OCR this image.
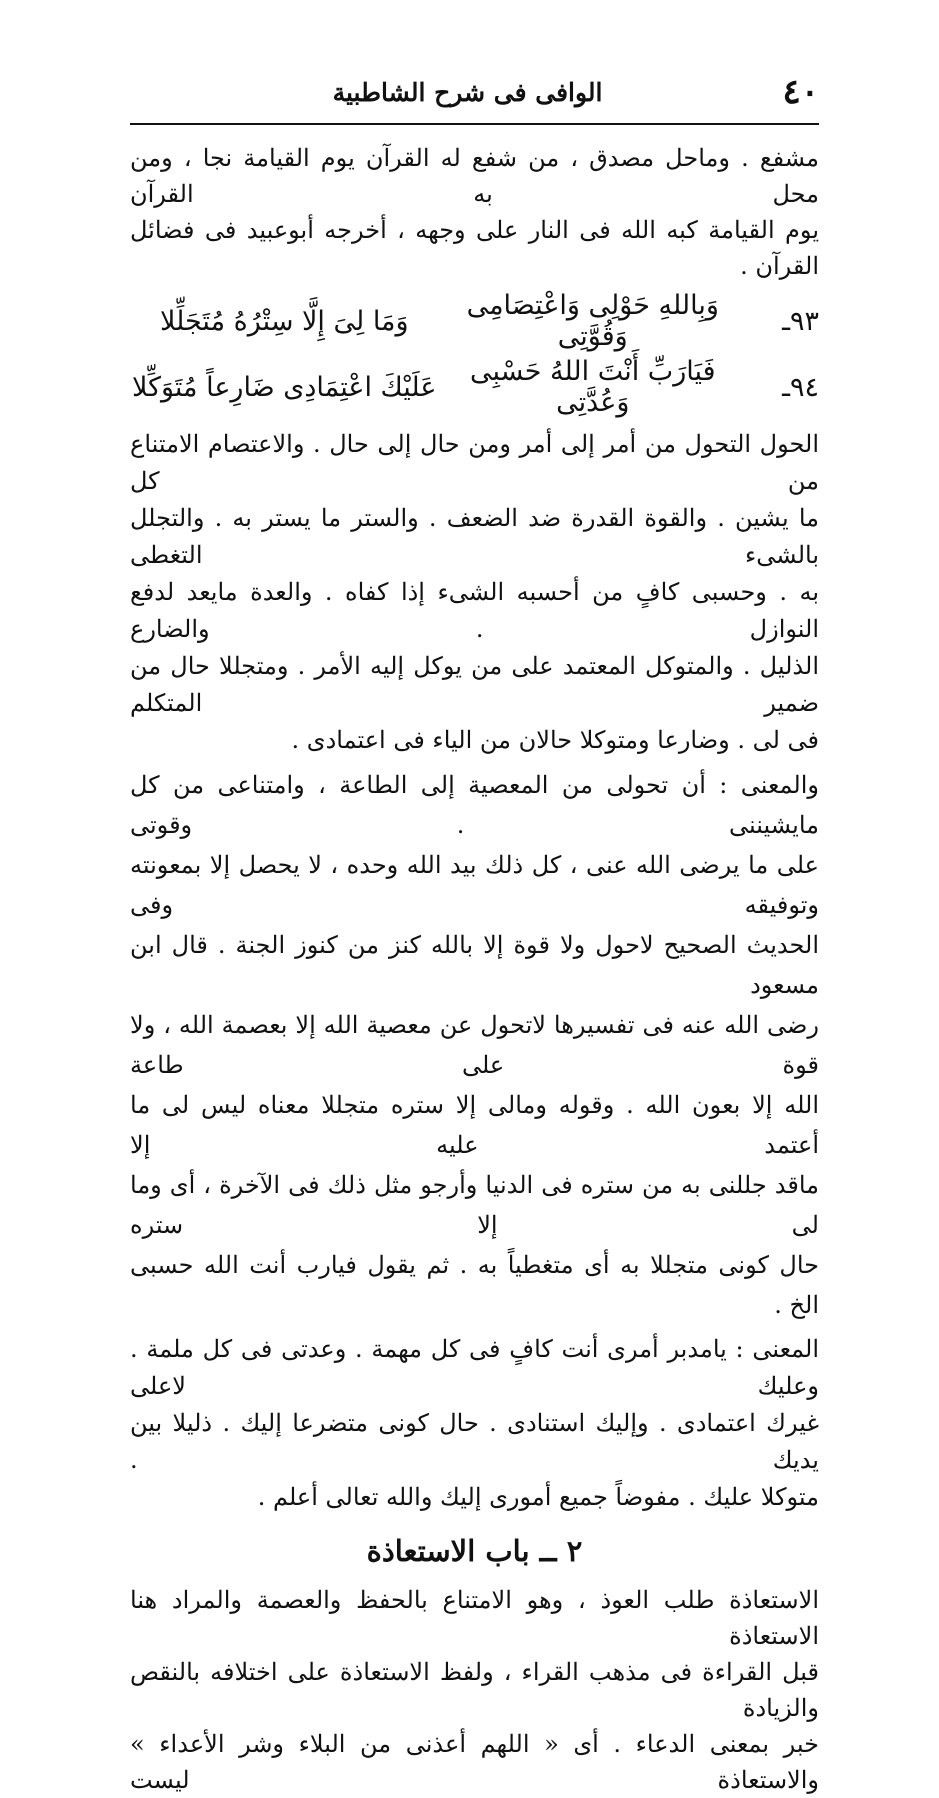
٤٠
الوافى فى شرح الشاطبية

مشفع . وماحل مصدق ، من شفع له القرآن يوم القيامة نجا ، ومن محل به القرآن

يوم القيامة كبه الله فى النار على وجهه ، أخرجه أبوعبيد فى فضائل القرآن .

٩٣ـ
وَبِاللهِ حَوْلِى وَاعْتِصَامِى وَقُوَّتِى
وَمَا لِىَ إِلَّا سِتْرُهُ مُتَجَلِّلا
٩٤ـ
فَيَارَبِّ أَنْتَ اللهُ حَسْبِى وَعُدَّتِى
عَلَيْكَ اعْتِمَادِى ضَارِعاً مُتَوَكِّلا

الحول التحول من أمر إلى أمر ومن حال إلى حال . والاعتصام الامتناع من كل

ما يشين . والقوة القدرة ضد الضعف . والستر ما يستر به . والتجلل بالشىء التغطى

به . وحسبى كافٍ من أحسبه الشىء إذا كفاه . والعدة مايعد لدفع النوازل . والضارع

الذليل . والمتوكل المعتمد على من يوكل إليه الأمر . ومتجللا حال من ضمير المتكلم

فى لى . وضارعا ومتوكلا حالان من الياء فى اعتمادى .

والمعنى : أن تحولى من المعصية إلى الطاعة ، وامتناعى من كل مايشيننى . وقوتى

على ما يرضى الله عنى ، كل ذلك بيد الله وحده ، لا يحصل إلا بمعونته وتوفيقه وفى

الحديث الصحيح لاحول ولا قوة إلا بالله كنز من كنوز الجنة . قال ابن مسعود

رضى الله عنه فى تفسيرها لاتحول عن معصية الله إلا بعصمة الله ، ولا قوة على طاعة

الله إلا بعون الله . وقوله ومالى إلا ستره متجللا معناه ليس لى ما أعتمد عليه إلا

ماقد جللنى به من ستره فى الدنيا وأرجو مثل ذلك فى الآخرة ، أى وما لى إلا ستره

حال كونى متجللا به أى متغطياً به . ثم يقول فيارب أنت الله حسبى الخ .

المعنى : يامدبر أمرى أنت كافٍ فى كل مهمة . وعدتى فى كل ملمة . وعليك لاعلى

غيرك اعتمادى . وإليك استنادى . حال كونى متضرعا إليك . ذليلا بين يديك .

متوكلا عليك . مفوضاً جميع أمورى إليك والله تعالى أعلم .

٢ ــ باب الاستعاذة

الاستعاذة طلب العوذ ، وهو الامتناع بالحفظ والعصمة والمراد هنا الاستعاذة

قبل القراءة فى مذهب القراء ، ولفظ الاستعاذة على اختلافه بالنقص والزيادة

خبر بمعنى الدعاء . أى « اللهم أعذنى من البلاء وشر الأعداء » والاستعاذة ليست
